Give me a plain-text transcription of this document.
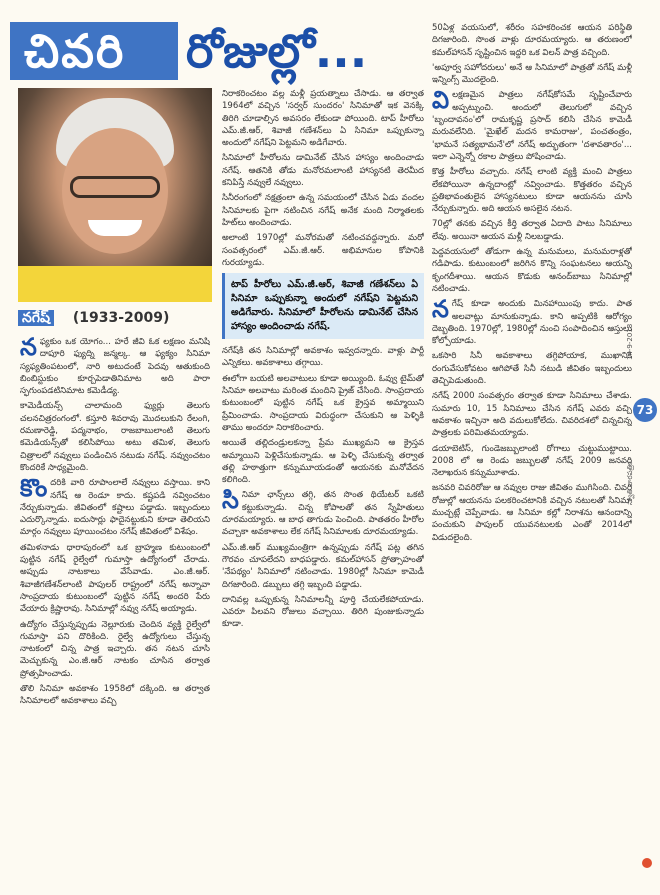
చివరి రోజుల్లో...
నగేష్ (1933-2009)

నఫ్యకుం ఒక యోగం... హరే జీవి ఓక లక్షణం మనిషి దాపూరి ఫ్యుద్ని జన్మల్క. ఆ ఫ్యక్యం సినిమా స్యఫ్యతింపటంలో, నారి అటుదంటే పెదవు ఆతుకుంది బింబిస్టుకుం కూర్చపెడాతినిమాట అది పారా స్ఫగుంపడటినిమాట కమెడీడ్య.

కామెడీయన్స్ చాలామంది ఫ్యుర్లు తెలుగు చలనచిత్రరంగంలో. కస్తూరి శివరావు మొదలుకుని రేలంగి, రమణారెడ్డి, పద్మనాభం, రాజబాబులాంటి తెలుగు కమెడియన్స్‌తో కలిసిపోయి అటు తమిళ, తెలుగు చిత్రాలలో నవ్వులు పండించిన నటుడు నగేష్. నవ్వుంచటం కొందరికే సాధ్యమైంది.

కొందరికి వారి రూపాంలాలే నవ్వులు వస్తాయి. కాని నగేష్ ఆ రెండూ కాదు. కష్టపడి నవ్వించటం నేర్చుకున్నాడు. జీవితంలో కష్టాలు పడ్డాడు. ఇబ్బందులు ఎదుర్కొన్నాడు. ఐదుసార్లు ఫాదైనట్టుకుని కూడా తెలియని మార్గం నవ్వులు పూయించటం నగేష్ జీవితంలో విశేషం.

తమిళనాడు ధారాపురంలో ఒక బ్రాహ్మణ కుటుంబంలో పుట్టిన నగేష్ రైల్వేలో గుమాస్తా ఉద్యోగంలో చేరాడు. అప్పుడు నాటకాలు వేసేవాడు. ఎం.జీ.ఆర్. శివాజీగణేశన్‌లాంటి పాపులర్ రాష్ట్రంలో నగేష్ అన్నావా సాంప్రదాయ కుటుంబంలో పుట్టిన నగేష్ అందరి పేరు వేయారు క్రిష్ణారావు. సినిమాల్లో నవ్వు నగేష్ అయ్యాడు.

ఉద్యోగం చేస్తున్నప్పుడు నెల్లూరుకు చెందిన వ్యక్తి రైల్వేలో గుమాస్తా పని దొరికింది. రైల్వే ఉద్యోగులు చేస్తున్న నాటకంలో చిన్న పాత్ర ఇచ్చారు. తన నటన చూసి మెచ్చుకున్న ఎం.జీ.ఆర్ నాటకం చూసిన తర్వాత ప్రోత్సహించాడు.

తొలి సినిమా అవకాశం 1958లో దక్కింది. ఆ తర్వాత సినిమాలలో అవకాశాలు వచ్చి

నిరాకరించటం వల్ల మళ్లీ ప్రయత్నాలు చేసాడు. ఆ తర్వాత 1964లో వచ్చిన 'సర్వర్ సుందరం' సినిమాతో ఇక వెనక్కి తిరిగి చూడాల్సిన అవసరం లేకుండా పోయింది. టాప్ హీరోలు ఎమ్.జీ.ఆర్, శివాజీ గణేశన్‌లు ఏ సినిమా ఒప్పుకున్నా అందులో నగేష్‌ని పెట్టమని అడిగేవారు.

సినిమాలో హీరోలను డామినేట్ చేసిన హాస్యం అందించాడు నగేష్. ఆతనికి తోడు మనోరమలాంటి హాస్యనటి తెరమీద కనిపిస్తే నవ్వులే నవ్వులు.

సినీరంగంలో నక్షత్రంలా ఉన్న సమయంలో చేసిన ఏడు వందల సినిమాలకు పైగా నటించిన నగేష్ అనేక మంది నిర్మాతలకు హిట్‌లు అందించాడు.

అలాంటి 1970ల్లో మనోరమతో నటించవద్దన్నారు. మరో సంవత్సరంలో ఎమ్.జీ.ఆర్. అభిమానుల కోపానికి గురయ్యాడు.

టాప్ హీరోలు ఎమ్.జీ.ఆర్, శివాజీ గణేశన్‌లు ఏ సినిమా ఒప్పుకున్నా అందులో నగేష్‌ని పెట్టమని అడిగేవారు. సినిమాలో హీరోలను డామినేట్ చేసిన హాస్యం అందించాడు నగేష్.

నగేష్‌కి తన సినిమాల్లో అవకాశం ఇవ్వదన్నారు. వాళ్లు పార్టీ ఎన్నికలు. అవకాశాలు తగ్గాయి.

ఈలోగా బయటి అలవాటులు కూడా అయ్యింది. ఓవ్వు టైమ్‌తో సినిమా అలవాటు మరింత మందిని ప్రైజ్ చేసింది. సాంప్రదాయ కుటుంబంలో పుట్టిన నగేష్ ఒక క్రైస్తవ అమ్మాయిని ప్రేమించాడు. సాంప్రదాయ విరుద్ధంగా చేసుకుని ఆ పెళ్ళికి తాము అందరూ నిరాకరించారు.

అయితే తల్లిదండ్రులకన్నా ప్రేమ ముఖ్యమని ఆ క్రైస్తవ అమ్మాయిని పెళ్లిచేసుకున్నాడు. ఆ పెళ్ళి చేసుకున్న తర్వాత తల్లి హఠాత్తుగా కన్నుమూయడంతో ఆయనకు మనోవేదన కలిగింది.

సినిమా ఛాన్స్‌లు తగ్గి, తన సొంత థియేటర్ ఒకటి కట్టుకున్నాడు. చిన్న కోపాలతో తన స్నేహితులు దూరమయ్యారు. ఆ బాధ తాగుడు పెంచింది. పాతతరం హీరోల వచ్చాకా అవకాశాలు లేక నగేష్ సినిమాలకు దూరమయ్యాడు.

ఎమ్.జీ.ఆర్ ముఖ్యమంత్రిగా ఉన్నప్పుడు నగేష్ పట్ల తగిన గౌరవం చూపలేదని బాధపడ్డారు. కమల్‌హాసన్ ప్రోత్సాహంతో 'నేపథ్యం' సినిమాలో నటించాడు. 1980ల్లో సినిమా కామెడీ దిగజారింది. డబ్బులు తగ్గి ఇబ్బంది పడ్డాడు.

దానివల్ల ఒప్పుకున్న సినిమాలన్నీ పూర్తి చేయలేకపోయాడు. ఎవరూ పిలవని రోజులు వచ్చాయి. తిరిగి పుంజుకున్నాడు కూడా.

50ఏళ్ల వయసులో, శరీరం సహకరించక ఆయన పరిస్థితి దిగజారింది. సొంత వాళ్లు దూరమయ్యారు. ఆ తరుణంలో కమల్‌హాసన్ సృష్టించిన ఇద్దరి ఒక విలన్ పాత్ర వచ్చింది.

'అపూర్వ సహోదరులు' అనే ఆ సినిమాలో పాత్రతో నగేష్ మళ్లీ ఇన్నింగ్స్ మొదలైంది.

విలక్షణమైన పాత్రలు నగేష్‌కోసమే సృష్టించేవారు అప్పట్నుంచి. అందులో తెలుగులో వచ్చిన 'బృందావనం'లో రామకృష్ణ ప్రసాద్ కలిసి చేసిన కామెడీ మరువలేనిది. 'మైఖేల్ మదన కామరాజు', పంచతంత్రం, 'భామనే సత్యభామనే'లో నగేష్ అద్భుతంగా 'దశావతారం'... ఇలా ఎన్నెన్నో రకాల పాత్రలు పోషించాడు.

కొత్త హీరోలు వచ్చారు. నగేష్ లాంటి వ్యక్తి మంచి పాత్రలు లేకపోయినా ఉన్నదాంట్లో నవ్వించాడు. కొత్తతరం వచ్చిన ప్రతిభావంతులైన హాస్యనటులు కూడా ఆయనను చూసి నేర్చుకున్నారు. అది ఆయన అసలైన నటన.

70ల్లో తనకు వచ్చిన కీర్తి తర్వాత ఏదాది పాటు సినిమాలు లేవు. అయినా ఆయన మళ్లీ నిలబడ్డాడు.

పెద్దవయసులో తోడుగా ఉన్న మనుమలు, మనుమరాళ్లతో గడిపాడు. కుటుంబంలో జరిగిన కొన్ని సంఘటనలు ఆయన్ని కృంగదీశాయి. ఆయన కొడుకు ఆనంద్‌బాబు సినిమాల్లో నటించాడు.

నగేష్ కూడా అందుకు మినహాయింపు కాదు. పాత అలవాట్లు మానుకున్నాడు. కాని అప్పటికి ఆరోగ్యం దెబ్బతింది. 1970ల్లో, 1980ల్లో నుంచి సంపాదించిన ఆస్తులు కోల్పోయాడు.

ఒకసారి సినీ అవకాశాలు తగ్గిపోయాక, ముఖానికి రంగువేసుకోవటం ఆగిపోతే సినీ నటుడి జీవితం ఇబ్బందులు తెచ్చిపెడుతుంది.

నగేష్ 2000 సంవత్సరం తర్వాత కూడా సినిమాలు చేశాడు. సుమారు 10, 15 సినిమాలు చేసిన నగేష్ ఎవరు వచ్చి అవకాశం ఇచ్చినా అది వదులుకోలేదు. చివరిదశలో చిన్నచిన్న పాత్రలకు పరిమితమయ్యాడు.

డయాబెటిస్, గుండెజబ్బులాంటి రోగాలు చుట్టుముట్టాయి. 2008 లో ఆ రెండు జబ్బులతో నగేష్ 2009 జనవరి నెలాఖరున కన్నుమూశాడు.

జనవరి చివరిరోజు ఆ నవ్వుల రాజు జీవితం ముగిసింది. చివరి రోజుల్లో ఆయనను పలకరించటానికి వచ్చిన నటులతో సినిమా ముచ్చట్లే చెప్పేవాడు. ఆ సినిమా కల్లో నిరాశను ఆనందాన్ని పంచుకుని పాపులర్ యువనటులకు ఎంతో 2014లో విడుదలైంది.

14-9-2018
73
స్వాతి వారపత్రిక
